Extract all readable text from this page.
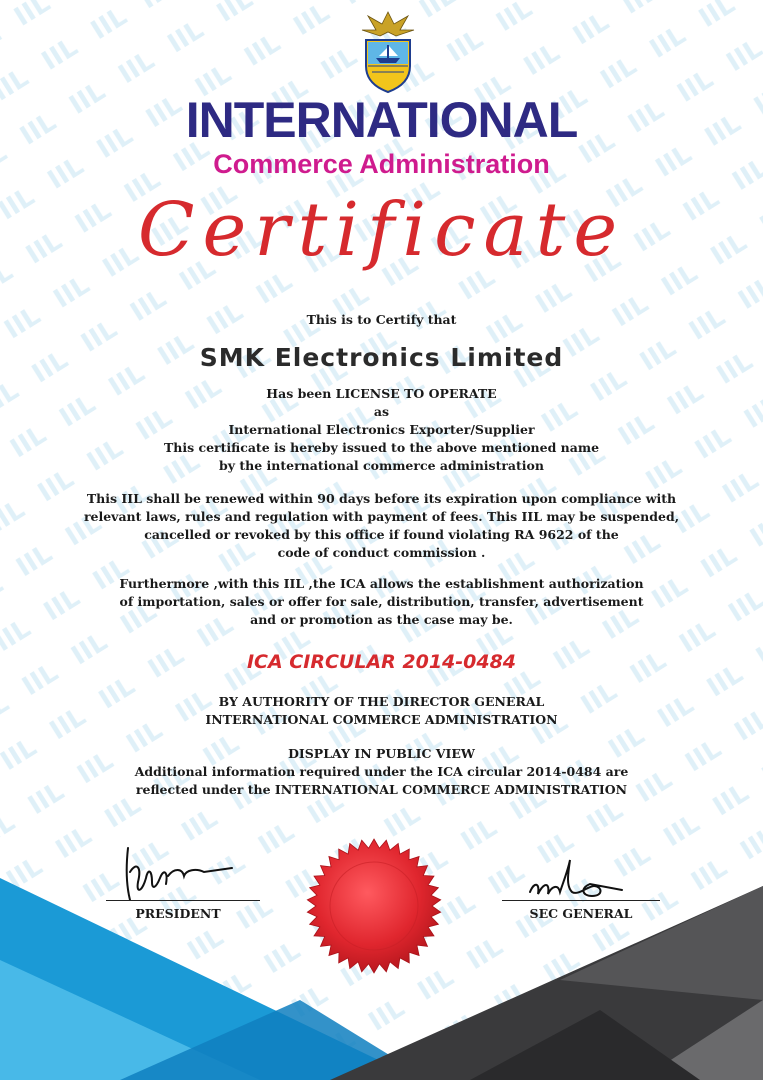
INTERNATIONAL
Commerce Administration
Certificate
This is to Certify that
SMK Electronics Limited
Has been LICENSE TO OPERATE
as
International Electronics Exporter/Supplier
This certificate is hereby issued to the above mentioned name
by the international commerce administration
This IIL shall be renewed within 90 days before its expiration upon compliance with
relevant laws, rules and regulation with payment of fees. This IIL may be suspended,
cancelled or revoked by this office if found violating RA 9622 of the
code of conduct commission .
Furthermore ,with this IIL ,the ICA allows the establishment authorization
of importation, sales or offer for sale, distribution, transfer, advertisement
and or promotion as the case may be.
ICA CIRCULAR 2014-0484
BY AUTHORITY OF THE DIRECTOR GENERAL
INTERNATIONAL COMMERCE ADMINISTRATION
DISPLAY IN PUBLIC VIEW
Additional information required under the ICA circular 2014-0484 are
reflected under the INTERNATIONAL COMMERCE ADMINISTRATION
PRESIDENT	SEC GENERAL
